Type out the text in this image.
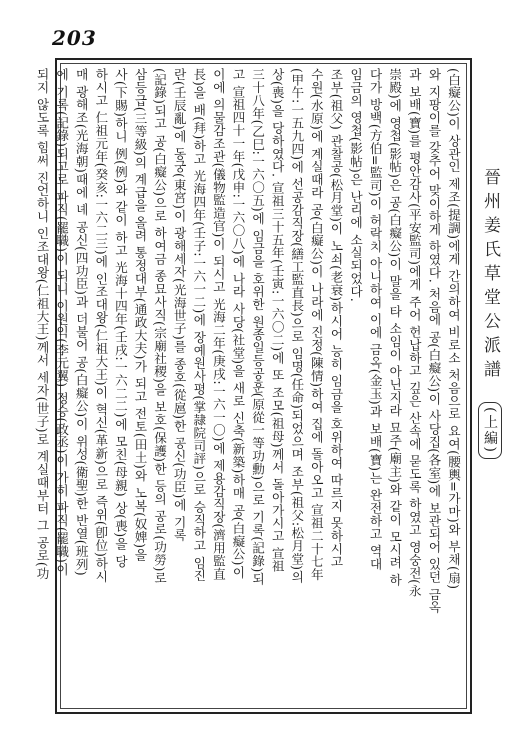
203
(白癡公)이 상관인 제조(提調)에게 간의하여 비로소 처음으로 요여(腰輿=가마)와 부채(扇)
와 지팡이를 갖추어 맞이하게 하였다. 처음에 공(白癡公)이 사당집(各室)에 보관되어 있던 금옥
과 보배(寶)를 평안감사(平安監司)에게 주어 헌납하고 깊은 산속에 묻도록 하였고 영숭전(永
崇殿)에 영첩(影帖)은 공(白癡公)이 말을 타 소임이 아닌지라 묘주(廟主)와 같이 모시려 하
다가 방백(方伯=監司)이 허락치 아니하여 이에 금옥(金玉)과 보배(寶)는 완전하고 역대
임금의 영첩(影帖)은 난리에 소실되었다.
조부(祖父) 관찰공(松月堂)이 노쇠(老衰)하시어 능히 임금을 호위하여 따르지 못하시고
수원(水原)에 계실때라 공(白癡公)이 나라에 진정(陳情)하여 집에 돌아오고 宣祖二十七年
(甲午:一五九四)에 선공감직장(繕工監直長)으로 임명(任命)되었으며 조부(祖父:松月堂)의
상(喪)을 당하였다. 宣祖三十五年(壬寅:一六〇二)에 또 조모(祖母)께서 돌아가시고 宣祖
三十八年(乙巳:一六〇五)에 임금을 호위한 원종일등공훈(原從一等功勳)으로 기록(記錄)되
고 宣祖四十一年(戊申:一六〇八)에 나라 사당(社堂)을 새로 신축(新築)하매 공(白癡公)이
이에 의물감조관(儀物監造官)이 되시고 光海二年(庚戌:一六一〇)에 제용감직장(濟用監直
長)을 배(拜)하고 光海四年(壬子:一六一二)에 장예원사평(掌隷院司評)으로 승직하고 임진
란(壬辰亂)에 동궁(東宮)이 광해세자(光海世子)를 종호(從扈)한 공신(功臣)에 기록
(記錄)되고 공(白癡公)으로 하여금 종묘사직(宗廟社稷)을 보호(保護)한 등의 공로(功勞)로
삼등급(三等級)의 계급을 올려 통정대부(通政大夫)가 되고 전토(田土)와 노복(奴婢)을
사(下賜)하니 例(例)와 같이 하고 光海十四年(壬戌:一六二二)에 모친(母親) 상(喪)을 당
하시고 仁祖元年(癸亥:一六二三)에 인조대왕(仁祖大王)이 혁신(革新)으로 즉위(卽位)하시
매 광해조(光海朝)때에 녜 공신(四功臣)과 더불어 공(白癡公)이 위성(衛聖)한 반열(班列)
에 기록(記錄)되고로 파직(罷職)이 되니 이원익(李元翼) 정승(政丞)이 가히 파직(罷職)이
되지 않도록 힘써 진언하니 인조대왕(仁祖大王)께서 세자(世子)로 계실때부터 그 공로(功	晉州姜氏草堂公派譜 (上編)
